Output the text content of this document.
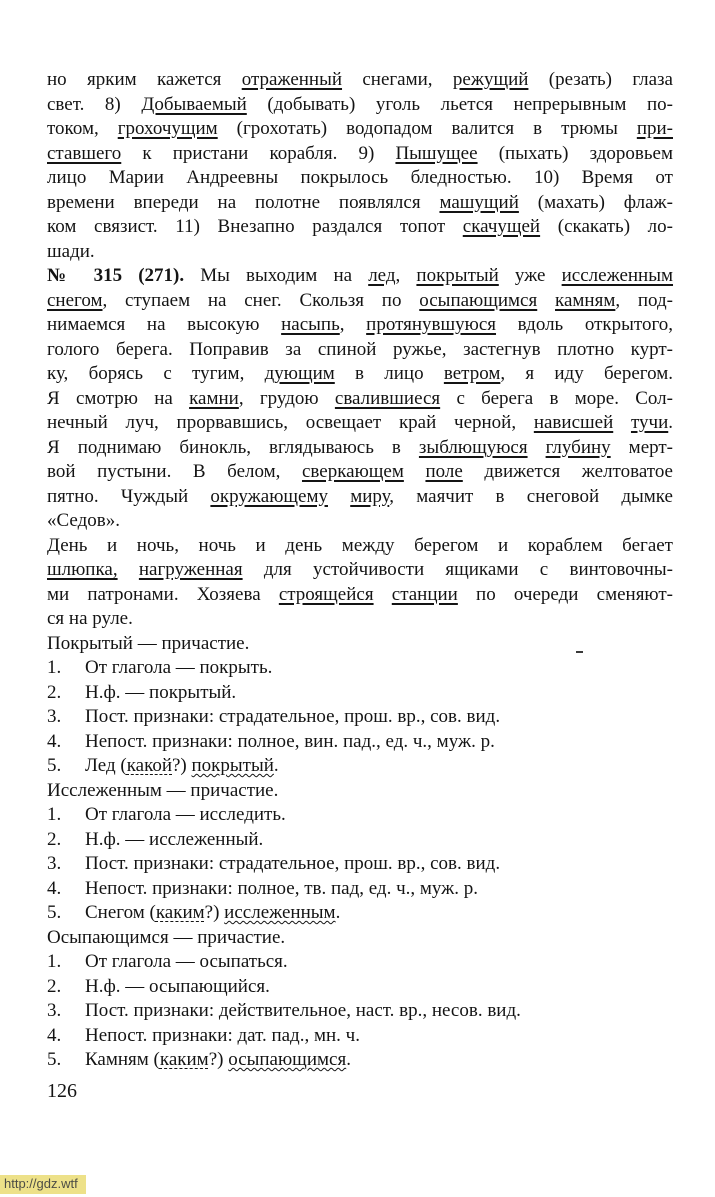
но ярким кажется отраженный снегами, режущий (резать) глаза
свет. 8) Добываемый (добывать) уголь льется непрерывным по-
током, грохочущим (грохотать) водопадом валится в трюмы при-
ставшего к пристани корабля. 9) Пышущее (пыхать) здоровьем
лицо Марии Андреевны покрылось бледностью. 10) Время от
времени впереди на полотне появлялся машущий (махать) флаж-
ком связист. 11) Внезапно раздался топот скачущей (скакать) ло-
шади.
№ 315 (271). Мы выходим на лед, покрытый уже исслеженным
снегом, ступаем на снег. Скользя по осыпающимся камням, под-
нимаемся на высокую насыпь, протянувшуюся вдоль открытого,
голого берега. Поправив за спиной ружье, застегнув плотно курт-
ку, борясь с тугим, дующим в лицо ветром, я иду берегом.
Я смотрю на камни, грудою свалившиеся с берега в море. Сол-
нечный луч, прорвавшись, освещает край черной, нависшей тучи.
Я поднимаю бинокль, вглядываюсь в зыблющуюся глубину мерт-
вой пустыни. В белом, сверкающем поле движется желтоватое
пятно. Чуждый окружающему миру, маячит в снеговой дымке
«Седов».
День и ночь, ночь и день между берегом и кораблем бегает
шлюпка, нагруженная для устойчивости ящиками с винтовочны-
ми патронами. Хозяева строящейся станции по очереди сменяют-
ся на руле.
Покрытый — причастие.
1. От глагола — покрыть.
2. Н.ф. — покрытый.
3. Пост. признаки: страдательное, прош. вр., сов. вид.
4. Непост. признаки: полное, вин. пад., ед. ч., муж. р.
5. Лед (какой?) покрытый.
Исслеженным — причастие.
1. От глагола — исследить.
2. Н.ф. — исслеженный.
3. Пост. признаки: страдательное, прош. вр., сов. вид.
4. Непост. признаки: полное, тв. пад, ед. ч., муж. р.
5. Снегом (каким?) исслеженным.
Осыпающимся — причастие.
1. От глагола — осыпаться.
2. Н.ф. — осыпающийся.
3. Пост. признаки: действительное, наст. вр., несов. вид.
4. Непост. признаки: дат. пад., мн. ч.
5. Камням (каким?) осыпающимся.
126
http://gdz.wtf
